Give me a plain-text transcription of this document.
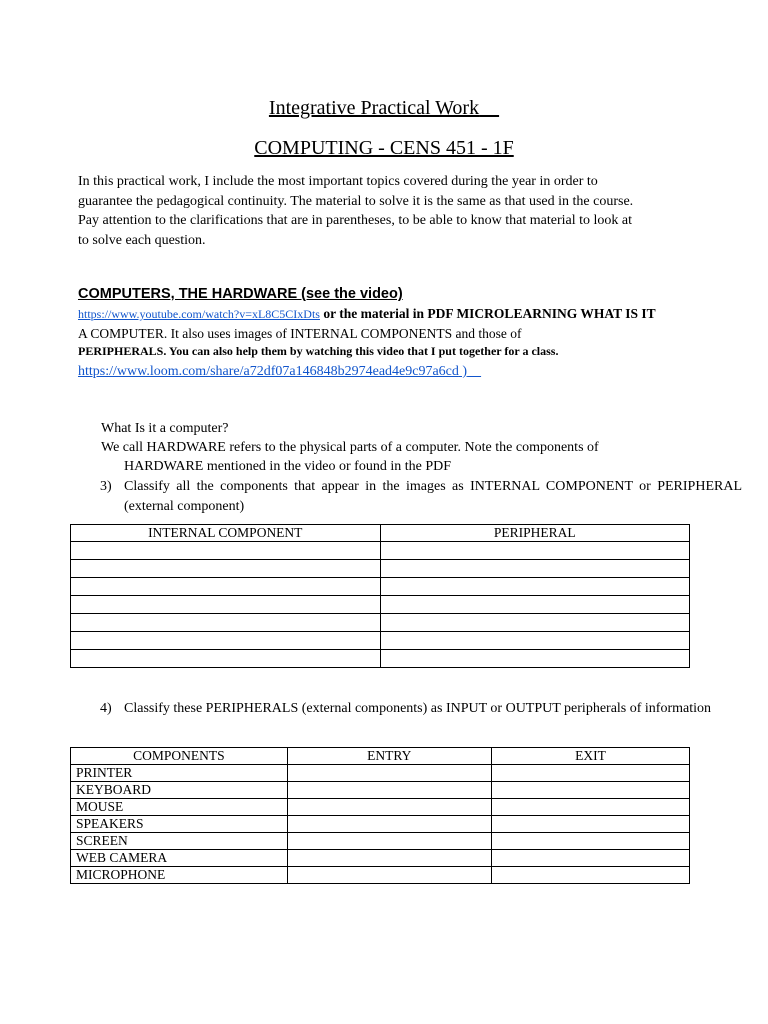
Integrative Practical Work
COMPUTING - CENS 451 - 1F
In this practical work, I include the most important topics covered during the year in order to guarantee the pedagogical continuity. The material to solve it is the same as that used in the course. Pay attention to the clarifications that are in parentheses, to be able to know that material to look at to solve each question.
COMPUTERS, THE HARDWARE (see the video)
https://www.youtube.com/watch?v=xL8C5CIxDts or the material in PDF MICROLEARNING WHAT IS IT
A COMPUTER. It also uses images of INTERNAL COMPONENTS and those of
PERIPHERALS. You can also help them by watching this video that I put together for a class.
https://www.loom.com/share/a72df07a146848b2974ead4e9c97a6cd )
What Is it a computer?
We call HARDWARE refers to the physical parts of a computer. Note the components of
HARDWARE mentioned in the video or found in the PDF
3) Classify all the components that appear in the images as INTERNAL COMPONENT or PERIPHERAL (external component)
INTERNAL COMPONENT	PERIPHERAL

4) Classify these PERIPHERALS (external components) as INPUT or OUTPUT peripherals of information
COMPONENTS	ENTRY	EXIT
PRINTER		
KEYBOARD		
MOUSE		
SPEAKERS		
SCREEN		
WEB CAMERA		
MICROPHONE		
